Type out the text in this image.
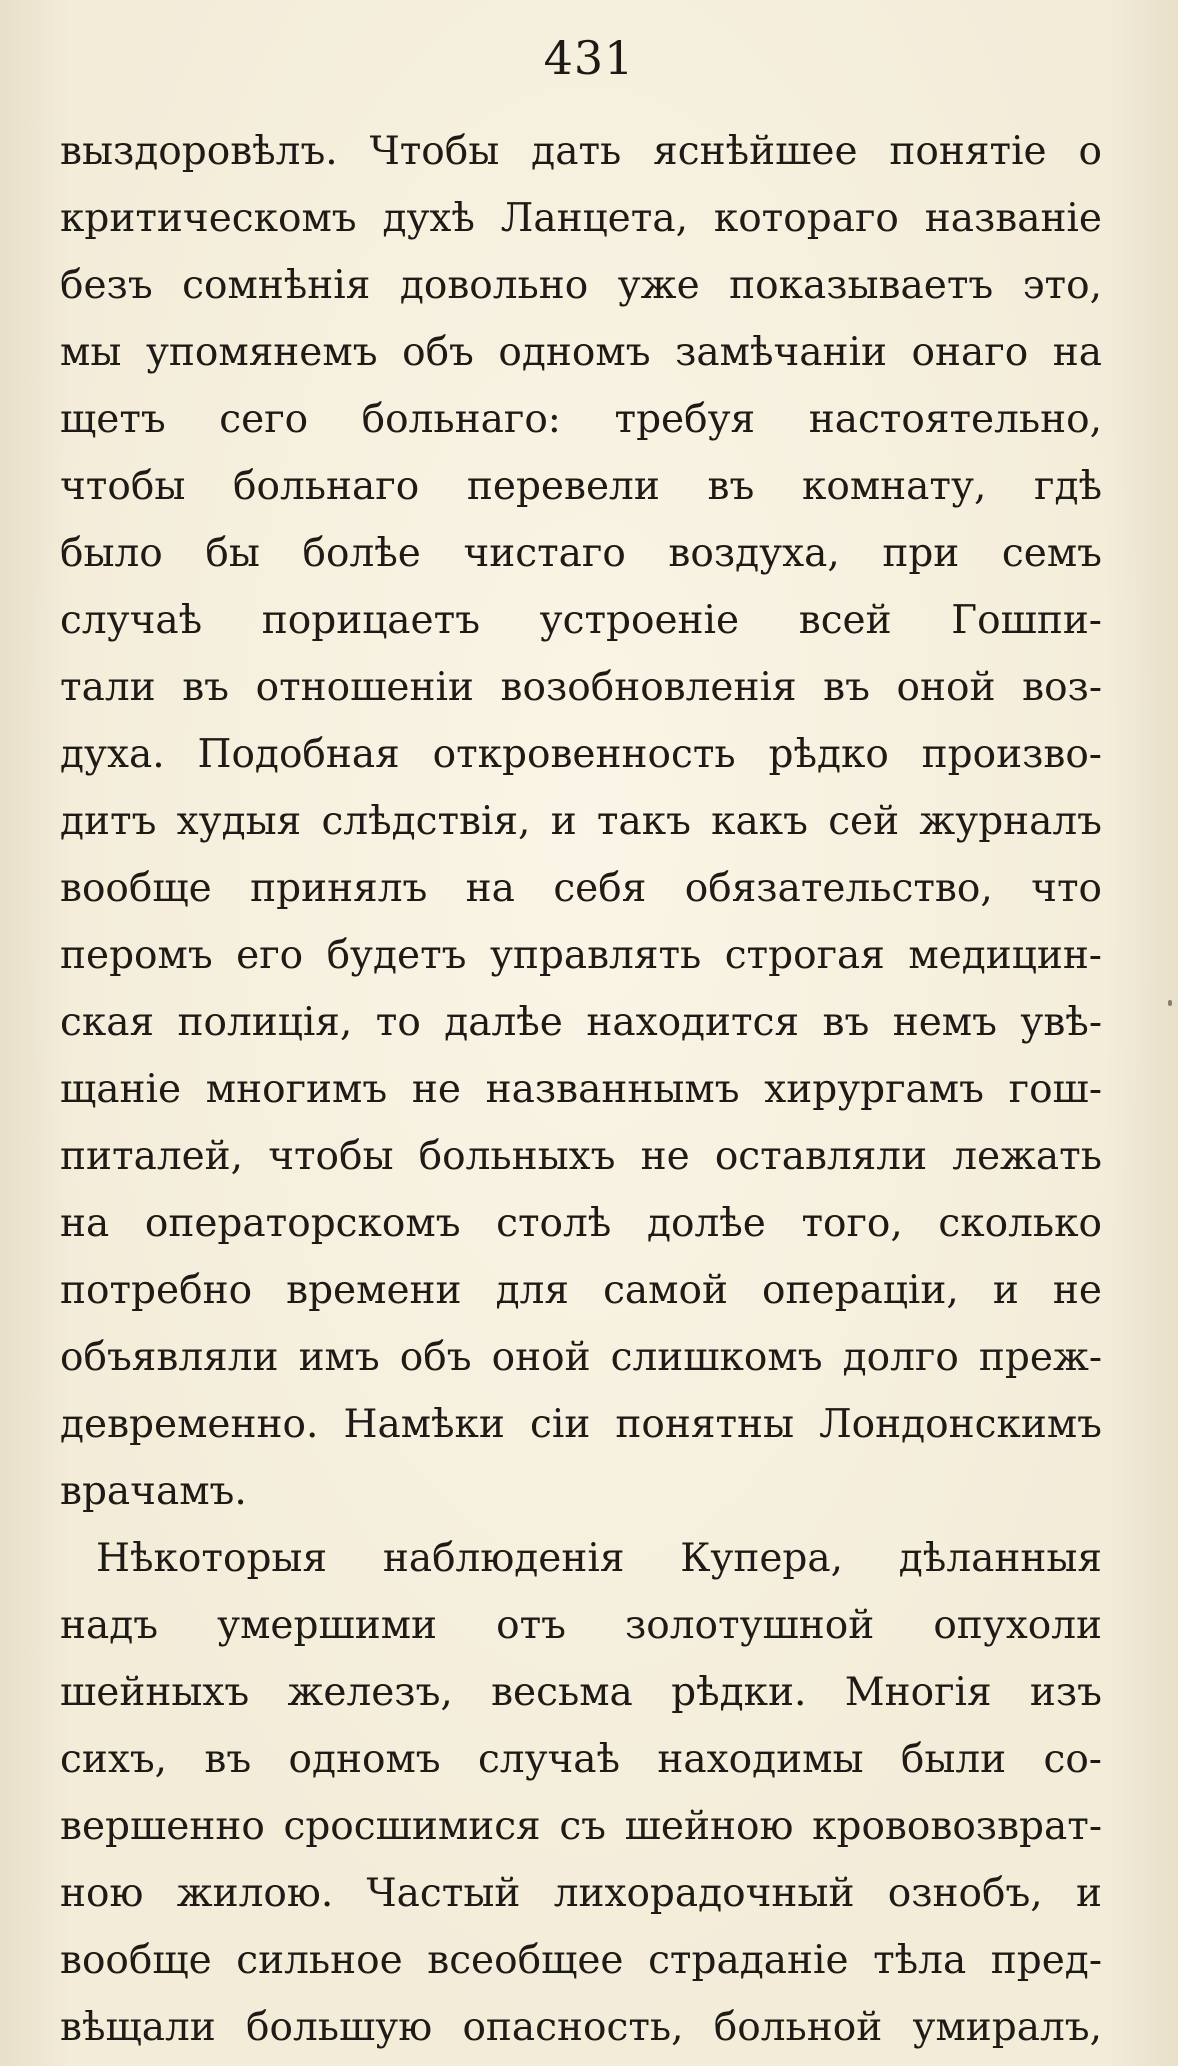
431
выздоровѣлъ. Чтобы дать яснѣйшее понятіе о
критическомъ духѣ Ланцета, котораго названіе
безъ сомнѣнія довольно уже показываетъ это,
мы упомянемъ объ одномъ замѣчаніи онаго на
щетъ сего больнаго: требуя настоятельно,
чтобы больнаго перевели въ комнату, гдѣ
было бы болѣе чистаго воздуха, при семъ
случаѣ порицаетъ устроеніе всей Гошпи-
тали въ отношеніи возобновленія въ оной воз-
духа. Подобная откровенность рѣдко произво-
дитъ худыя слѣдствія, и такъ какъ сей журналъ
вообще принялъ на себя обязательство, что
перомъ его будетъ управлять строгая медицин-
ская полиція, то далѣе находится въ немъ увѣ-
щаніе многимъ не названнымъ хирургамъ гош-
питалей, чтобы больныхъ не оставляли лежать
на операторскомъ столѣ долѣе того, сколько
потребно времени для самой операціи, и не
объявляли имъ объ оной слишкомъ долго преж-
девременно. Намѣки сіи понятны Лондонскимъ
врачамъ.
Нѣкоторыя наблюденія Купера, дѣланныя
надъ умершими отъ золотушной опухоли
шейныхъ железъ, весьма рѣдки. Многія изъ
сихъ, въ одномъ случаѣ находимы были со-
вершенно сросшимися съ шейною крововозврат-
ною жилою. Частый лихорадочный ознобъ, и
вообще сильное всеобщее страданіе тѣла пред-
вѣщали большую опасность, больной умиралъ,
